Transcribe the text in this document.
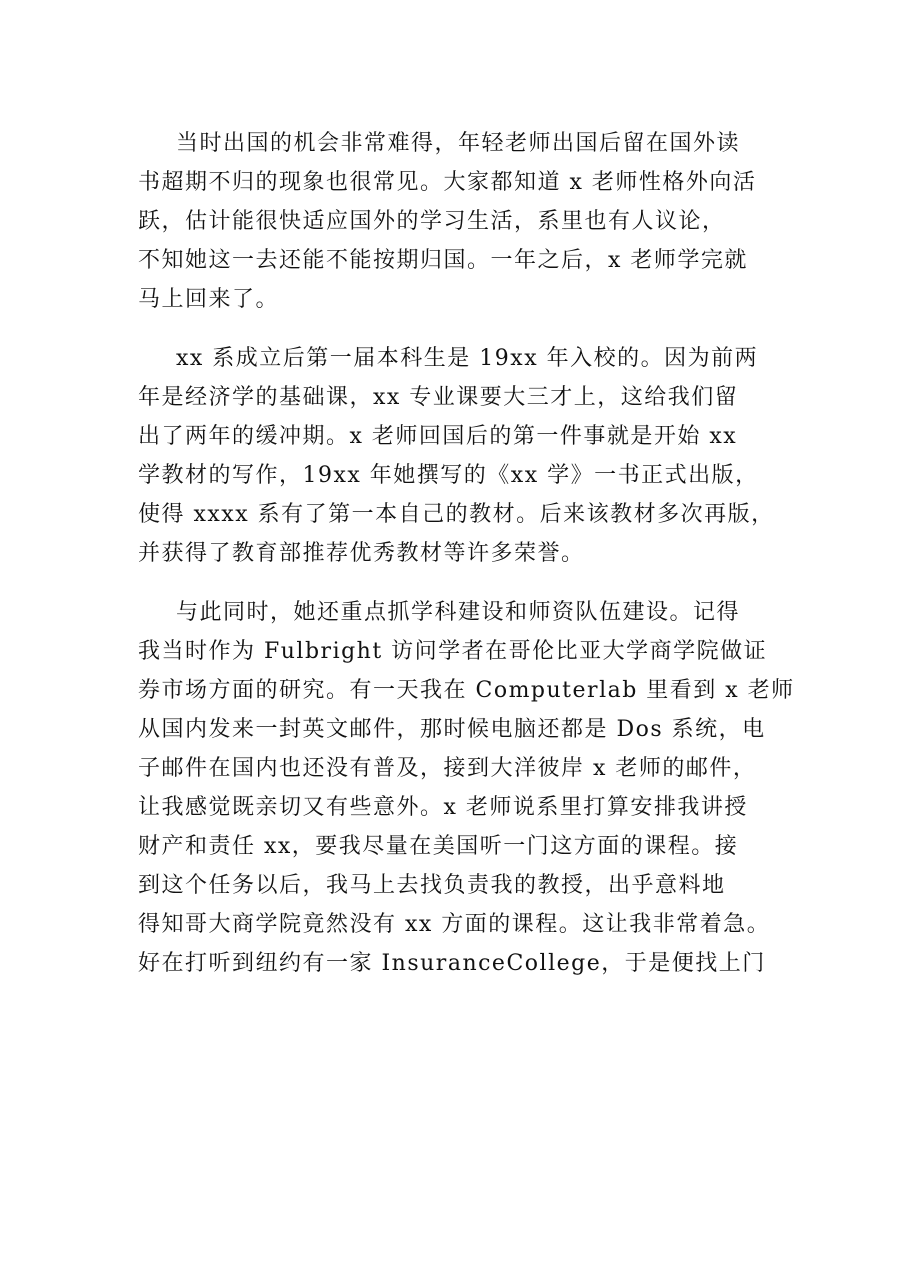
当时出国的机会非常难得，年轻老师出国后留在国外读
书超期不归的现象也很常见。大家都知道 x 老师性格外向活
跃，估计能很快适应国外的学习生活，系里也有人议论，
不知她这一去还能不能按期归国。一年之后，x 老师学完就
马上回来了。

xx 系成立后第一届本科生是 19xx 年入校的。因为前两
年是经济学的基础课，xx 专业课要大三才上，这给我们留
出了两年的缓冲期。x 老师回国后的第一件事就是开始 xx
学教材的写作，19xx 年她撰写的《xx 学》一书正式出版，
使得 xxxx 系有了第一本自己的教材。后来该教材多次再版，
并获得了教育部推荐优秀教材等许多荣誉。

与此同时，她还重点抓学科建设和师资队伍建设。记得
我当时作为 Fulbright 访问学者在哥伦比亚大学商学院做证
券市场方面的研究。有一天我在 Computerlab 里看到 x 老师
从国内发来一封英文邮件，那时候电脑还都是 Dos 系统，电
子邮件在国内也还没有普及，接到大洋彼岸 x 老师的邮件，
让我感觉既亲切又有些意外。x 老师说系里打算安排我讲授
财产和责任 xx，要我尽量在美国听一门这方面的课程。接
到这个任务以后，我马上去找负责我的教授，出乎意料地
得知哥大商学院竟然没有 xx 方面的课程。这让我非常着急。
好在打听到纽约有一家 InsuranceCollege，于是便找上门
